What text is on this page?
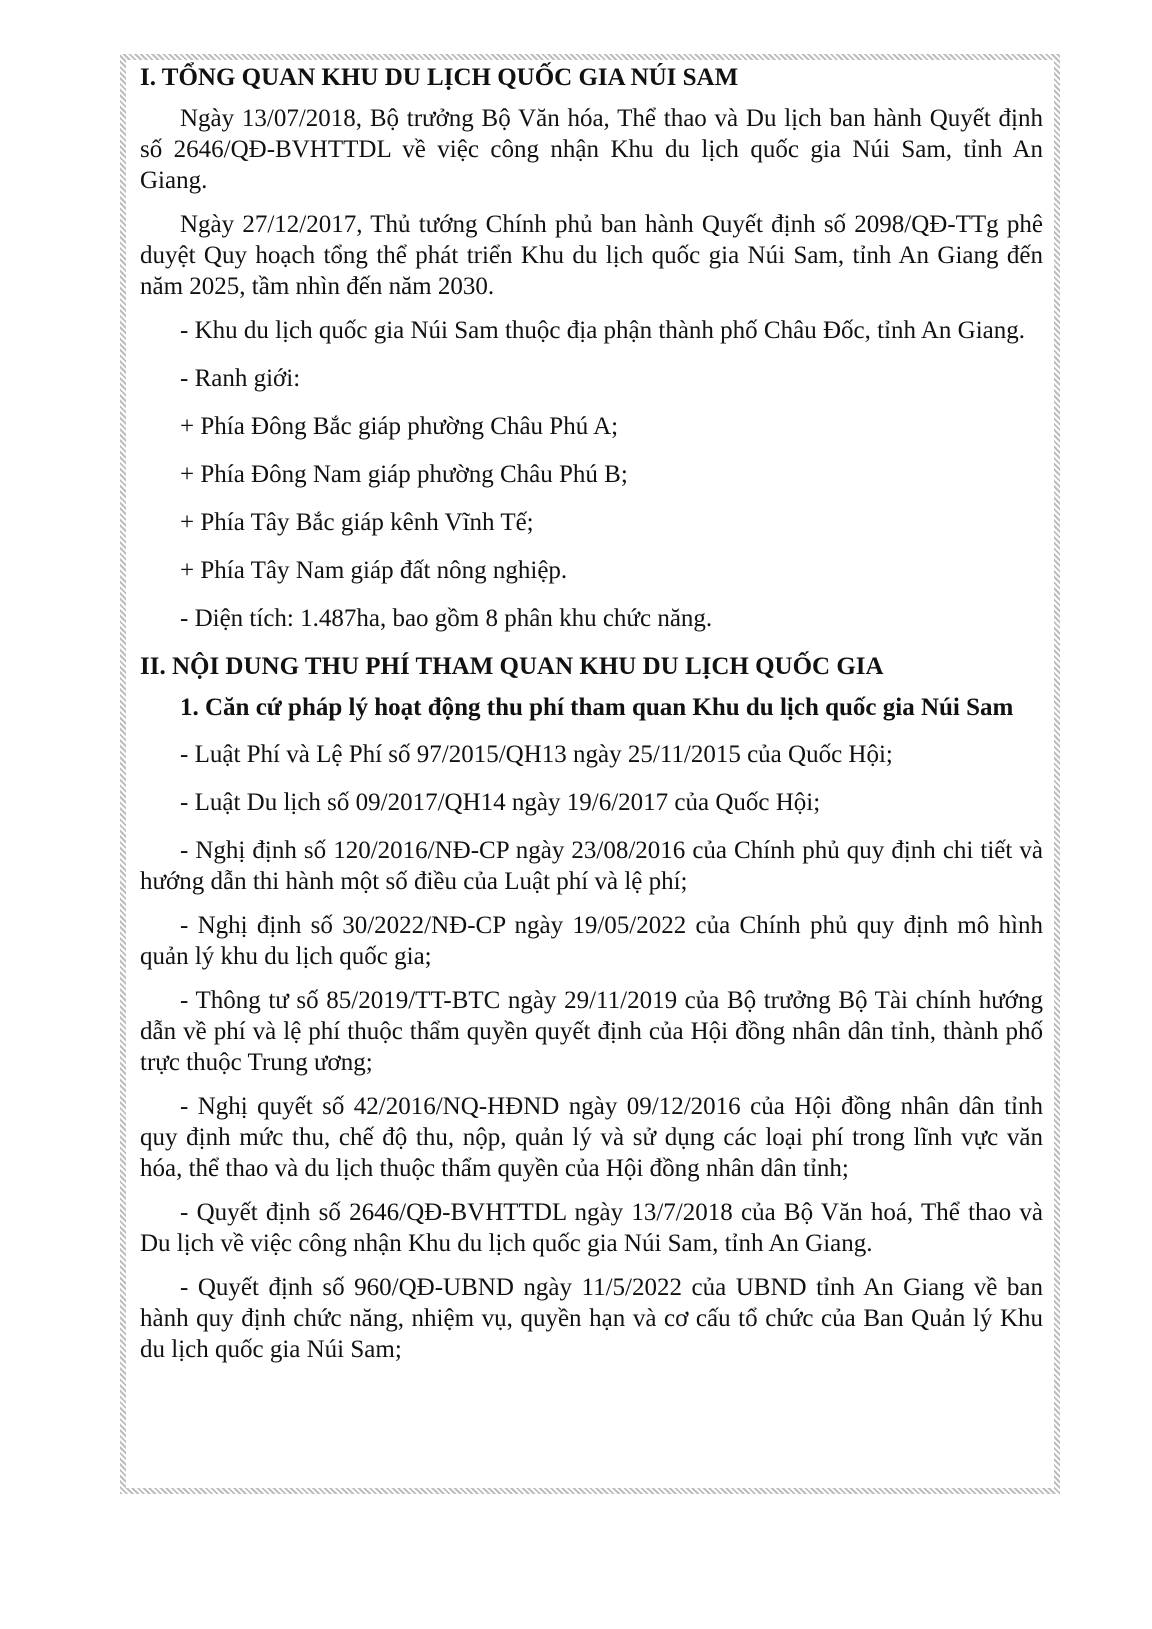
I. TỔNG QUAN KHU DU LỊCH QUỐC GIA NÚI SAM

Ngày 13/07/2018, Bộ trưởng Bộ Văn hóa, Thể thao và Du lịch ban hành Quyết định số 2646/QĐ-BVHTTDL về việc công nhận Khu du lịch quốc gia Núi Sam, tỉnh An Giang.

Ngày 27/12/2017, Thủ tướng Chính phủ ban hành Quyết định số 2098/QĐ-TTg phê duyệt Quy hoạch tổng thể phát triển Khu du lịch quốc gia Núi Sam, tỉnh An Giang đến năm 2025, tầm nhìn đến năm 2030.

- Khu du lịch quốc gia Núi Sam thuộc địa phận thành phố Châu Đốc, tỉnh An Giang.

- Ranh giới:

+ Phía Đông Bắc giáp phường Châu Phú A;

+ Phía Đông Nam giáp phường Châu Phú B;

+ Phía Tây Bắc giáp kênh Vĩnh Tế;

+ Phía Tây Nam giáp đất nông nghiệp.

- Diện tích: 1.487ha, bao gồm 8 phân khu chức năng.

II. NỘI DUNG THU PHÍ THAM QUAN KHU DU LỊCH QUỐC GIA

1. Căn cứ pháp lý hoạt động thu phí tham quan Khu du lịch quốc gia Núi Sam

- Luật Phí và Lệ Phí số 97/2015/QH13 ngày 25/11/2015 của Quốc Hội;

- Luật Du lịch số 09/2017/QH14 ngày 19/6/2017 của Quốc Hội;

- Nghị định số 120/2016/NĐ-CP ngày 23/08/2016 của Chính phủ quy định chi tiết và hướng dẫn thi hành một số điều của Luật phí và lệ phí;

- Nghị định số 30/2022/NĐ-CP ngày 19/05/2022 của Chính phủ quy định mô hình quản lý khu du lịch quốc gia;

- Thông tư số 85/2019/TT-BTC ngày 29/11/2019 của Bộ trưởng Bộ Tài chính hướng dẫn về phí và lệ phí thuộc thẩm quyền quyết định của Hội đồng nhân dân tỉnh, thành phố trực thuộc Trung ương;

- Nghị quyết số 42/2016/NQ-HĐND ngày 09/12/2016 của Hội đồng nhân dân tỉnh quy định mức thu, chế độ thu, nộp, quản lý và sử dụng các loại phí trong lĩnh vực văn hóa, thể thao và du lịch thuộc thẩm quyền của Hội đồng nhân dân tỉnh;

- Quyết định số 2646/QĐ-BVHTTDL ngày 13/7/2018 của Bộ Văn hoá, Thể thao và Du lịch về việc công nhận Khu du lịch quốc gia Núi Sam, tỉnh An Giang.

- Quyết định số 960/QĐ-UBND ngày 11/5/2022 của UBND tỉnh An Giang về ban hành quy định chức năng, nhiệm vụ, quyền hạn và cơ cấu tổ chức của Ban Quản lý Khu du lịch quốc gia Núi Sam;
